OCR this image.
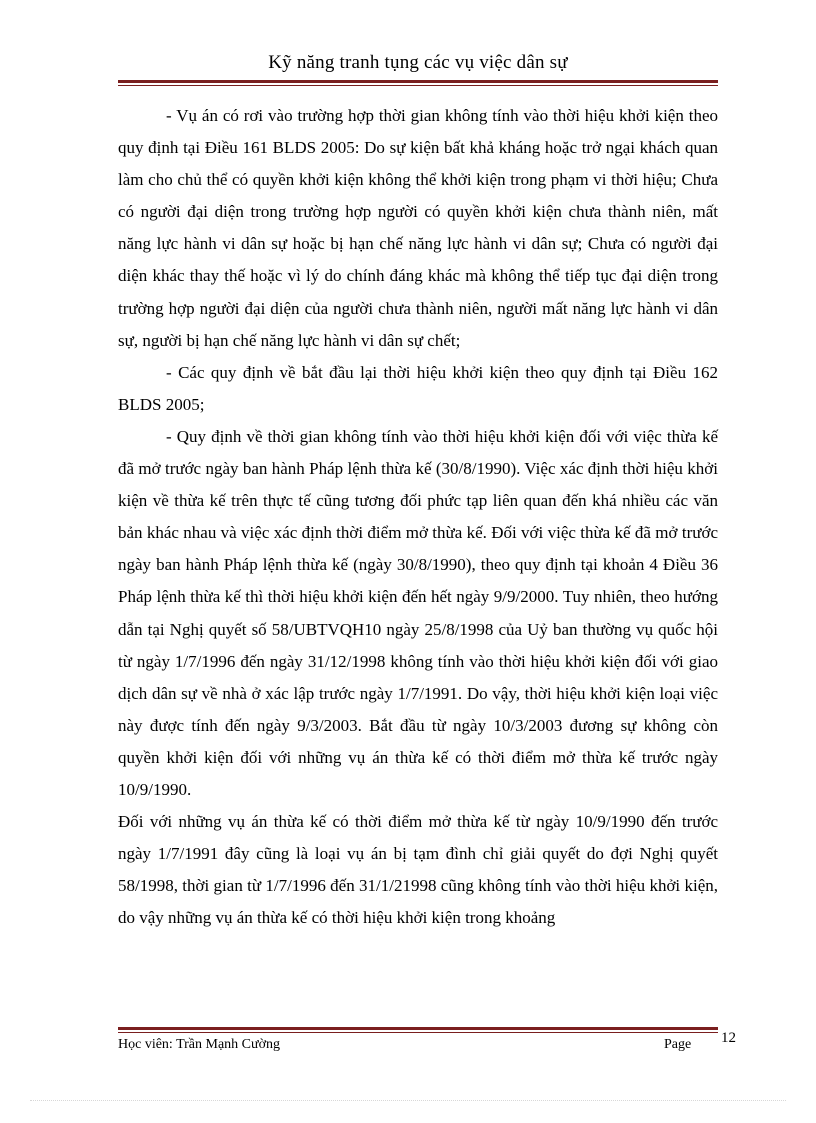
Kỹ năng tranh tụng các vụ việc dân sự

- Vụ án có rơi vào trường hợp thời gian không tính vào thời hiệu khởi kiện theo quy định tại Điều 161 BLDS 2005: Do sự kiện bất khả kháng hoặc trở ngại khách quan làm cho chủ thể có quyền khởi kiện không thể khởi kiện trong phạm vi thời hiệu; Chưa có người đại diện trong trường hợp người có quyền khởi kiện chưa thành niên, mất năng lực hành vi dân sự hoặc bị hạn chế năng lực hành vi dân sự; Chưa có người đại diện khác thay thế hoặc vì lý do chính đáng khác mà không thể tiếp tục đại diện trong trường hợp người đại diện của người chưa thành niên, người mất năng lực hành vi dân sự, người bị hạn chế năng lực hành vi dân sự chết;

- Các quy định về bắt đầu lại thời hiệu khởi kiện theo quy định tại Điều 162 BLDS 2005;

- Quy định về thời gian không tính vào thời hiệu khởi kiện đối với việc thừa kế đã mở trước ngày ban hành Pháp lệnh thừa kế (30/8/1990). Việc xác định thời hiệu khởi kiện về thừa kế trên thực tế cũng tương đối phức tạp liên quan đến khá nhiều các văn bản khác nhau và việc xác định thời điểm mở thừa kế. Đối với việc thừa kế đã mở trước ngày ban hành Pháp lệnh thừa kế (ngày 30/8/1990), theo quy định tại khoản 4 Điều 36 Pháp lệnh thừa kế thì thời hiệu khởi kiện đến hết ngày 9/9/2000. Tuy nhiên, theo hướng dẫn tại Nghị quyết số 58/UBTVQH10 ngày 25/8/1998 của Uỷ ban thường vụ quốc hội từ ngày 1/7/1996 đến ngày 31/12/1998 không tính vào thời hiệu khởi kiện đối với giao dịch dân sự về nhà ở xác lập trước ngày 1/7/1991. Do vậy, thời hiệu khởi kiện loại việc này được tính đến ngày 9/3/2003. Bắt đầu từ ngày 10/3/2003 đương sự không còn quyền khởi kiện đối với những vụ án thừa kế có thời điểm mở thừa kế trước ngày 10/9/1990.

Đối với những vụ án thừa kế có thời điểm mở thừa kế từ ngày 10/9/1990 đến trước ngày 1/7/1991 đây cũng là loại vụ án bị tạm đình chỉ giải quyết do đợi Nghị quyết 58/1998, thời gian từ 1/7/1996 đến 31/1/21998 cũng không tính vào thời hiệu khởi kiện, do vậy những vụ án thừa kế có thời hiệu khởi kiện trong khoảng

Học viên: Trần Mạnh Cường	Page 12
